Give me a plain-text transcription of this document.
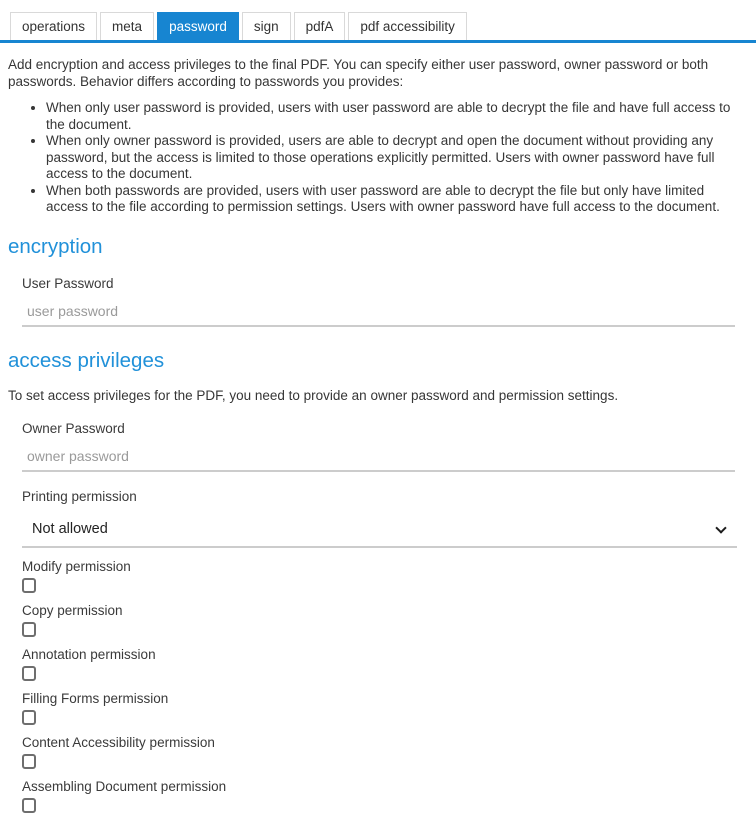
operations	meta	password	sign	pdfA	pdf accessibility

Add encryption and access privileges to the final PDF. You can specify either user password, owner password or both passwords. Behavior differs according to passwords you provides:

• When only user password is provided, users with user password are able to decrypt the file and have full access to the document.
• When only owner password is provided, users are able to decrypt and open the document without providing any password, but the access is limited to those operations explicitly permitted. Users with owner password have full access to the document.
• When both passwords are provided, users with user password are able to decrypt the file but only have limited access to the file according to permission settings. Users with owner password have full access to the document.
encryption
User Password
user password
access privileges

To set access privileges for the PDF, you need to provide an owner password and permission settings.

Owner Password
owner password
Printing permission
Not allowed
Modify permission
Copy permission
Annotation permission
Filling Forms permission
Content Accessibility permission
Assembling Document permission
